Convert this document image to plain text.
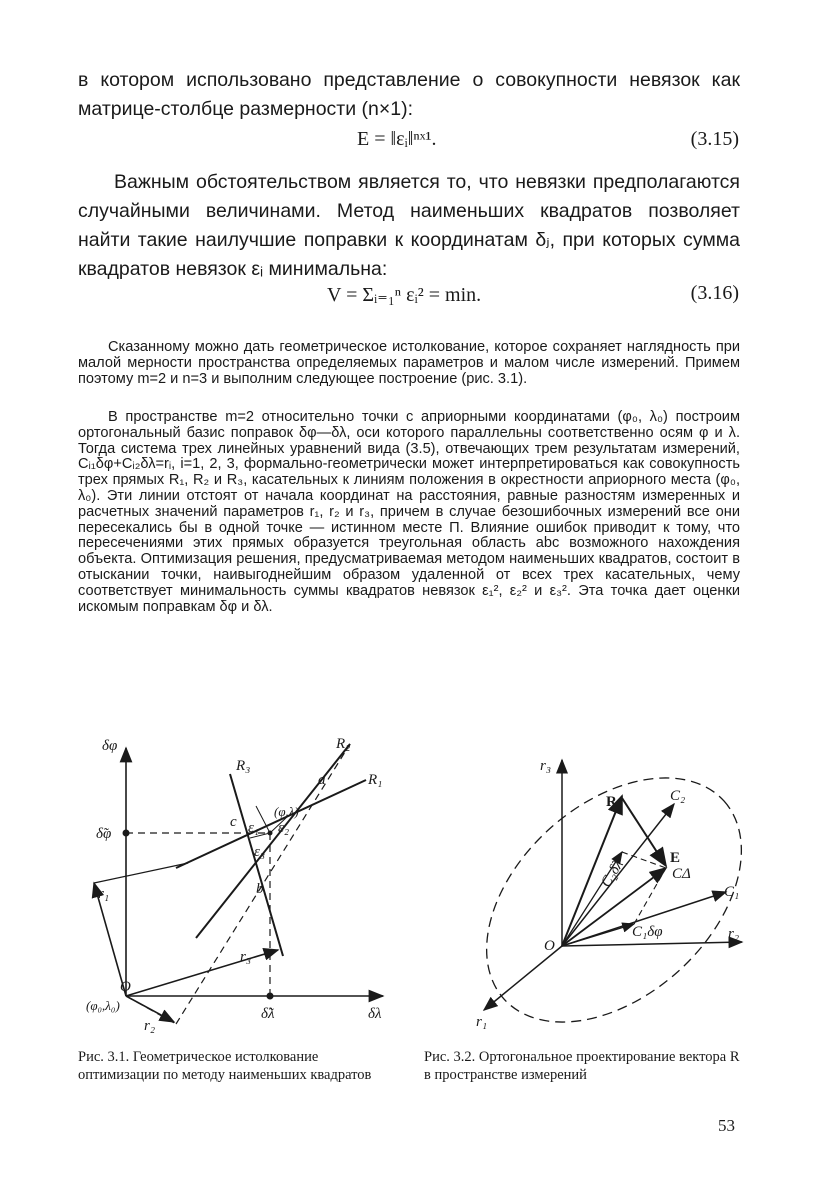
в котором использовано представление о совокупности невязок как матрице-столбце размерности (n×1):
E = ‖εᵢ‖ⁿˣ¹.	(3.15)
Важным обстоятельством является то, что невязки предполагаются случайными величинами. Метод наименьших квадратов позволяет найти такие наилучшие поправки к координатам δⱼ, при которых сумма квадратов невязок εᵢ минимальна:
V = Σᵢ₌₁ⁿ εᵢ² = min.	(3.16)
Сказанному можно дать геометрическое истолкование, которое сохраняет наглядность при малой мерности пространства определяемых параметров и малом числе измерений. Примем поэтому m=2 и n=3 и выполним следующее построение (рис. 3.1).
В пространстве m=2 относительно точки с априорными координатами (φ₀, λ₀) построим ортогональный базис поправок δφ—δλ, оси которого параллельны соответственно осям φ и λ. Тогда система трех линейных уравнений вида (3.5), отвечающих трем результатам измерений, Cᵢ₁δφ+Cᵢ₂δλ=rᵢ, i=1, 2, 3, формально-геометрически может интерпретироваться как совокупность трех прямых R₁, R₂ и R₃, касательных к линиям положения в окрестности априорного места (φ₀, λ₀). Эти линии отстоят от начала координат на расстояния, равные разностям измеренных и расчетных значений параметров r₁, r₂ и r₃, причем в случае безошибочных измерений все они пересекались бы в одной точке — истинном месте П. Влияние ошибок приводит к тому, что пересечениями этих прямых образуется треугольная область abc возможного нахождения объекта. Оптимизация решения, предусматриваемая методом наименьших квадратов, состоит в отыскании точки, наивыгоднейшим образом удаленной от всех трех касательных, чему соответствует минимальность суммы квадратов невязок ε₁², ε₂² и ε₃². Эта точка дает оценки искомым поправкам δφ и δλ.
δφ
δλ
δ̃φ
δ̃λ
r₁
r₂
r₃
R₁
R₂
R₃
a
b
c ε₁ ε₂
ε₃
(φ,λ)
O
(φ₀,λ₀)
r₃
r₂
r₁
R	C₂
C₁
E
CΔ
C₂δλ
C₁δφ
O
Рис. 3.1. Геометрическое истолкование оптимизации по методу наименьших квадратов
Рис. 3.2. Ортогональное проектирование вектора R в пространстве измерений
53
